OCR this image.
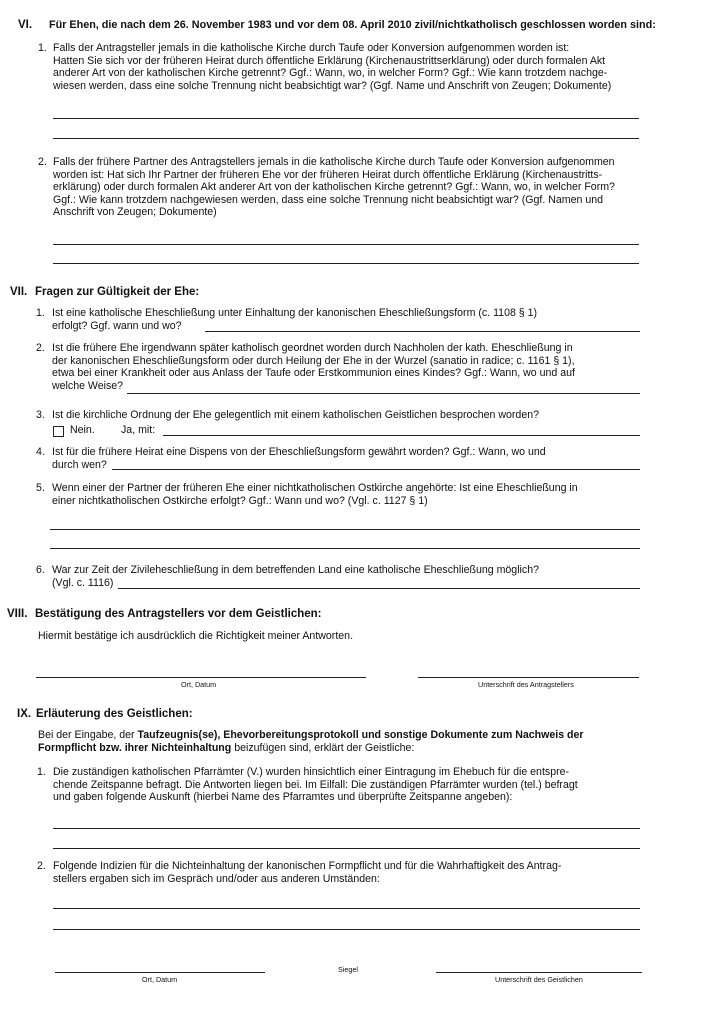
VI. Für Ehen, die nach dem 26. November 1983 und vor dem 08. April 2010 zivil/nichtkatholisch geschlossen worden sind:
1. Falls der Antragsteller jemals in die katholische Kirche durch Taufe oder Konversion aufgenommen worden ist:
Hatten Sie sich vor der früheren Heirat durch öffentliche Erklärung (Kirchenaustrittserklärung) oder durch formalen Akt
anderer Art von der katholischen Kirche getrennt? Ggf.: Wann, wo, in welcher Form? Ggf.: Wie kann trotzdem nachge-
wiesen werden, dass eine solche Trennung nicht beabsichtigt war? (Ggf. Name und Anschrift von Zeugen; Dokumente)
2. Falls der frühere Partner des Antragstellers jemals in die katholische Kirche durch Taufe oder Konversion aufgenommen
worden ist: Hat sich Ihr Partner der früheren Ehe vor der früheren Heirat durch öffentliche Erklärung (Kirchenaustritts-
erklärung) oder durch formalen Akt anderer Art von der katholischen Kirche getrennt? Ggf.: Wann, wo, in welcher Form?
Ggf.: Wie kann trotzdem nachgewiesen werden, dass eine solche Trennung nicht beabsichtigt war? (Ggf. Namen und
Anschrift von Zeugen; Dokumente)
VII. Fragen zur Gültigkeit der Ehe:
1. Ist eine katholische Eheschließung unter Einhaltung der kanonischen Eheschließungsform (c. 1108 § 1)
erfolgt? Ggf. wann und wo?
2. Ist die frühere Ehe irgendwann später katholisch geordnet worden durch Nachholen der kath. Eheschließung in
der kanonischen Eheschließungsform oder durch Heilung der Ehe in der Wurzel (sanatio in radice; c. 1161 § 1),
etwa bei einer Krankheit oder aus Anlass der Taufe oder Erstkommunion eines Kindes? Ggf.: Wann, wo und auf
welche Weise?
3. Ist die kirchliche Ordnung der Ehe gelegentlich mit einem katholischen Geistlichen besprochen worden?
Nein. Ja, mit:
4. Ist für die frühere Heirat eine Dispens von der Eheschließungsform gewährt worden? Ggf.: Wann, wo und
durch wen?
5. Wenn einer der Partner der früheren Ehe einer nichtkatholischen Ostkirche angehörte: Ist eine Eheschließung in
einer nichtkatholischen Ostkirche erfolgt? Ggf.: Wann und wo? (Vgl. c. 1127 § 1)
6. War zur Zeit der Zivileheschließung in dem betreffenden Land eine katholische Eheschließung möglich?
(Vgl. c. 1116)
VIII. Bestätigung des Antragstellers vor dem Geistlichen:
Hiermit bestätige ich ausdrücklich die Richtigkeit meiner Antworten.
Ort, Datum	Unterschrift des Antragstellers
IX. Erläuterung des Geistlichen:
Bei der Eingabe, der Taufzeugnis(se), Ehevorbereitungsprotokoll und sonstige Dokumente zum Nachweis der
Formpflicht bzw. ihrer Nichteinhaltung beizufügen sind, erklärt der Geistliche:
1. Die zuständigen katholischen Pfarrämter (V.) wurden hinsichtlich einer Eintragung im Ehebuch für die entspre-
chende Zeitspanne befragt. Die Antworten liegen bei. Im Eilfall: Die zuständigen Pfarrämter wurden (tel.) befragt
und gaben folgende Auskunft (hierbei Name des Pfarramtes und überprüfte Zeitspanne angeben):
2. Folgende Indizien für die Nichteinhaltung der kanonischen Formpflicht und für die Wahrhaftigkeit des Antrag-
stellers ergaben sich im Gespräch und/oder aus anderen Umständen:
Ort, Datum
Siegel
Unterschrift des Geistlichen
